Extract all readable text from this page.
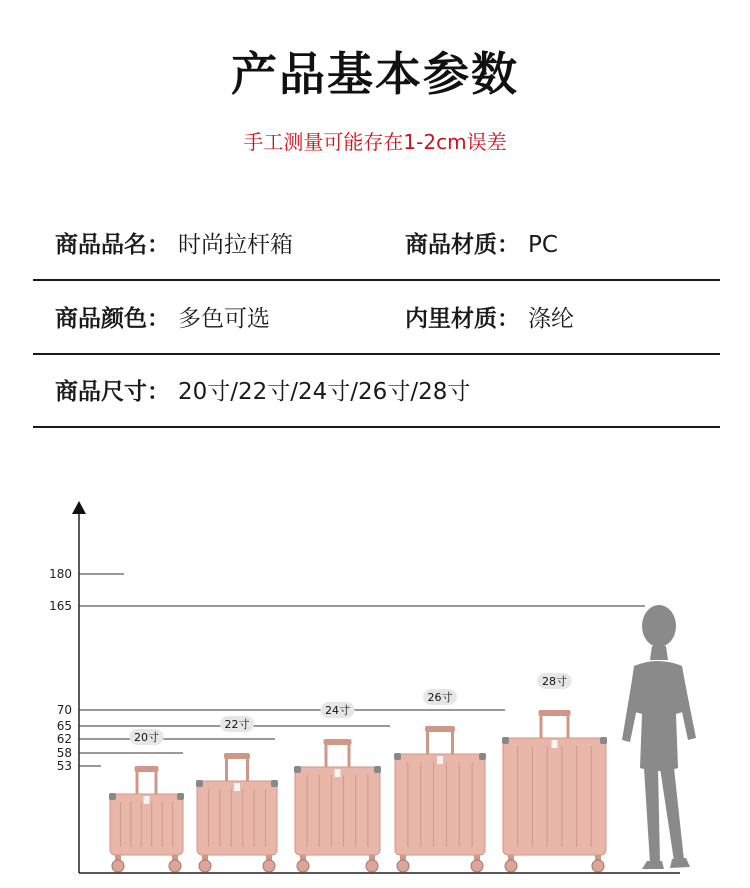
产品基本参数
手工测量可能存在1-2cm误差
商品品名： 时尚拉杆箱	商品材质： PC
商品颜色： 多色可选	内里材质： 涤纶
商品尺寸： 20寸/22寸/24寸/26寸/28寸
180
165
70
65
62
58
53
20寸
22寸
24寸
26寸
28寸
